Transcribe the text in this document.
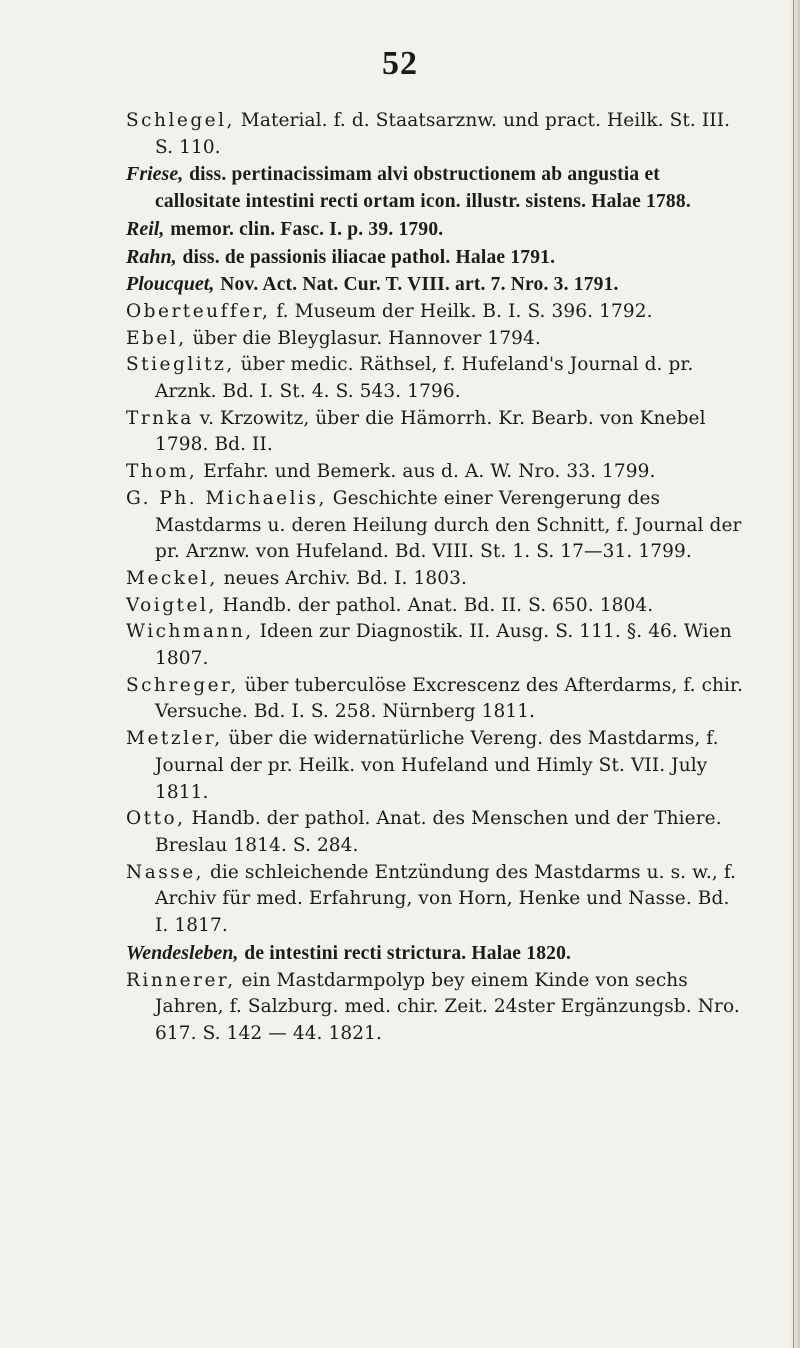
52
Schlegel, Material. f. d. Staatsarznw. und pract. Heilk. St. III. S. 110.
Friese, diss. pertinacissimam alvi obstructionem ab angustia et callositate intestini recti ortam icon. illustr. sistens. Halae 1788.
Reil, memor. clin. Fasc. I. p. 39. 1790.
Rahn, diss. de passionis iliacae pathol. Halae 1791.
Ploucquet, Nov. Act. Nat. Cur. T. VIII. art. 7. Nro. 3. 1791.
Oberteuffer, f. Museum der Heilk. B. I. S. 396. 1792.
Ebel, über die Bleyglasur. Hannover 1794.
Stieglitz, über medic. Räthsel, f. Hufeland's Journal d. pr. Arznk. Bd. I. St. 4. S. 543. 1796.
Trnka v. Krzowitz, über die Hämorrh. Kr. Bearb. von Knebel 1798. Bd. II.
Thom, Erfahr. und Bemerk. aus d. A. W. Nro. 33. 1799.
G. Ph. Michaelis, Geschichte einer Verengerung des Mastdarms u. deren Heilung durch den Schnitt, f. Journal der pr. Arznw. von Hufeland. Bd. VIII. St. 1. S. 17—31. 1799.
Meckel, neues Archiv. Bd. I. 1803.
Voigtel, Handb. der pathol. Anat. Bd. II. S. 650. 1804.
Wichmann, Ideen zur Diagnostik. II. Ausg. S. 111. §. 46. Wien 1807.
Schreger, über tuberculöse Excrescenz des Afterdarms, f. chir. Versuche. Bd. I. S. 258. Nürnberg 1811.
Metzler, über die widernatürliche Vereng. des Mastdarms, f. Journal der pr. Heilk. von Hufeland und Himly St. VII. July 1811.
Otto, Handb. der pathol. Anat. des Menschen und der Thiere. Breslau 1814. S. 284.
Nasse, die schleichende Entzündung des Mastdarms u. s. w., f. Archiv für med. Erfahrung, von Horn, Henke und Nasse. Bd. I. 1817.
Wendesleben, de intestini recti strictura. Halae 1820.
Rinnerer, ein Mastdarmpolyp bey einem Kinde von sechs Jahren, f. Salzburg. med. chir. Zeit. 24ster Ergänzungsb. Nro. 617. S. 142 — 44. 1821.
